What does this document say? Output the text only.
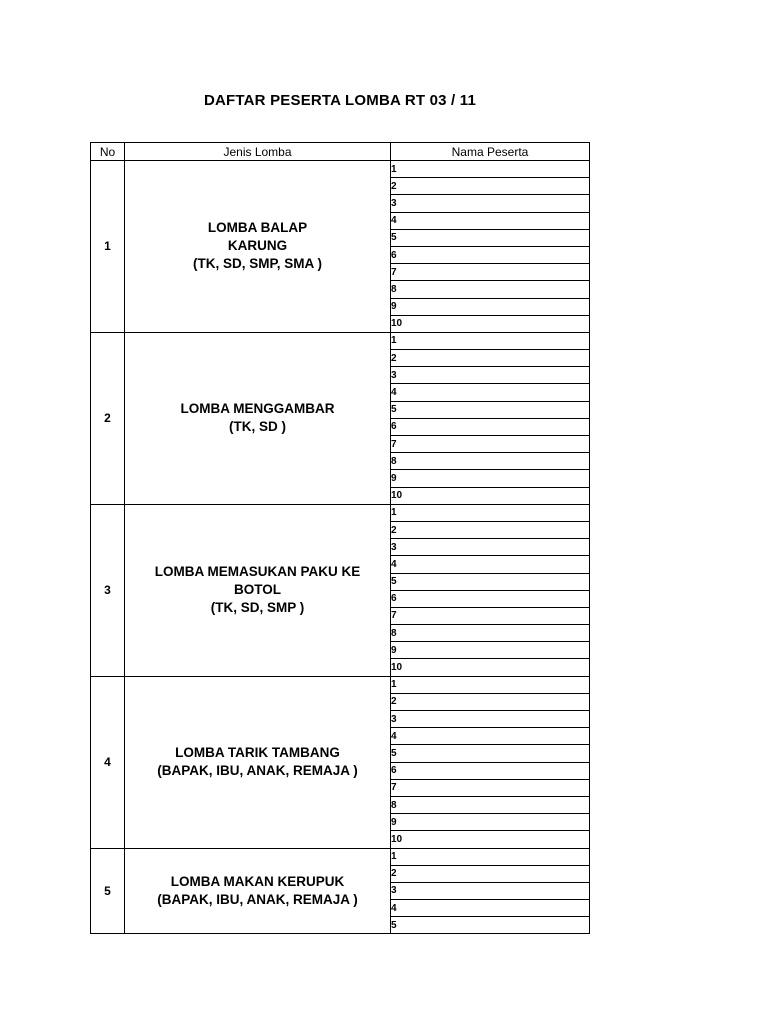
DAFTAR PESERTA LOMBA RT 03 / 11
No	Jenis Lomba	Nama Peserta
1	LOMBA BALAP
KARUNG
(TK, SD, SMP, SMA )	1
		2
		3
		4
		5
		6
		7
		8
		9
		10
2	LOMBA MENGGAMBAR
(TK, SD )	1
		2
		3
		4
		5
		6
		7
		8
		9
		10
3	LOMBA MEMASUKAN PAKU KE
BOTOL
(TK, SD, SMP )	1
		2
		3
		4
		5
		6
		7
		8
		9
		10
4	LOMBA TARIK TAMBANG
(BAPAK, IBU, ANAK, REMAJA )	1
		2
		3
		4
		5
		6
		7
		8
		9
		10
5	LOMBA MAKAN KERUPUK
(BAPAK, IBU, ANAK, REMAJA )	1
		2
		3
		4
		5
